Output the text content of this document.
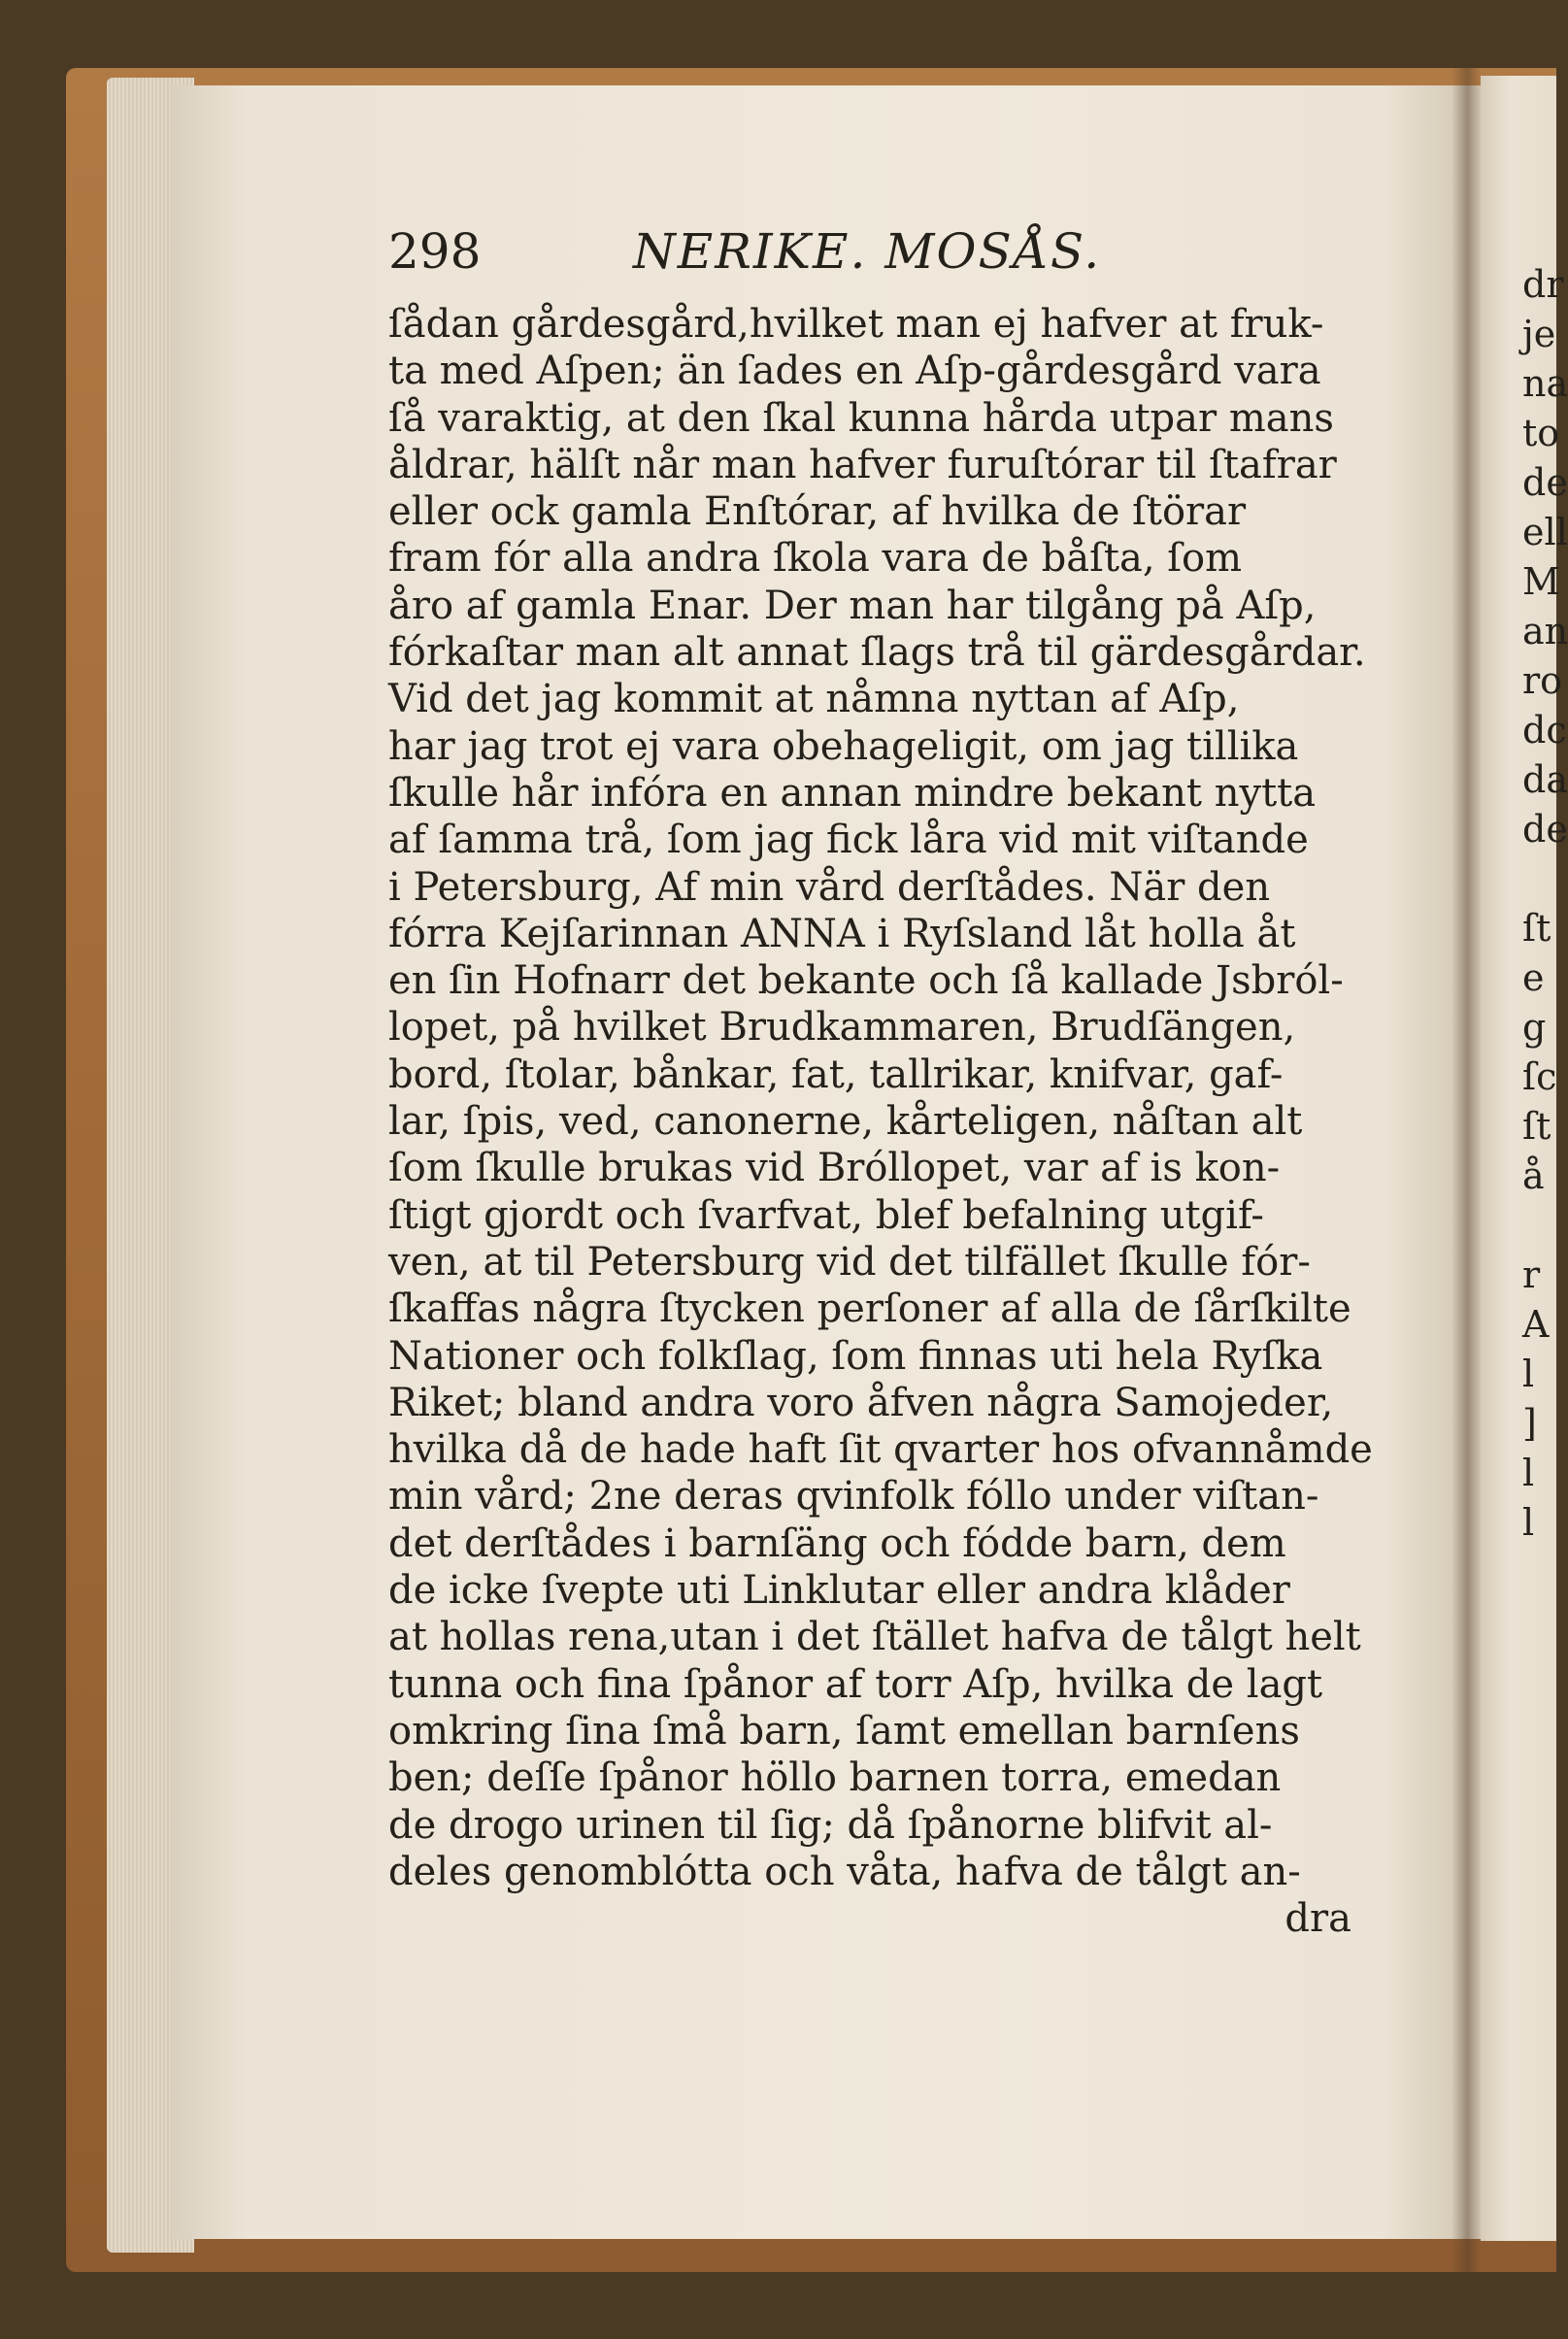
298	NERIKE. MOSÅS.
ſådan gårdesgård,hvilket man ej hafver at fruk-
ta med Aſpen; än ſades en Aſp-gårdesgård vara
ſå varaktig, at den ſkal kunna hårda utpar mans
åldrar, hälſt når man hafver furuſtórar til ſtafrar
eller ock gamla Enſtórar, af hvilka de ſtörar
fram fór alla andra ſkola vara de båſta, ſom
åro af gamla Enar. Der man har tilgång på Aſp,
fórkaſtar man alt annat ſlags trå til gärdesgårdar.
Vid det jag kommit at nåmna nyttan af Aſp,
har jag trot ej vara obehageligit, om jag tillika
ſkulle hår infóra en annan mindre bekant nytta
af ſamma trå, ſom jag fick låra vid mit viſtande
i Petersburg, Af min vård derſtådes. När den
fórra Kejſarinnan ANNA i Ryſsland låt holla åt
en ſin Hofnarr det bekante och ſå kallade Jsbról-
lopet, på hvilket Brudkammaren, Brudſängen,
bord, ſtolar, bånkar, fat, tallrikar, knifvar, gaf-
lar, ſpis, ved, canonerne, kårteligen, nåſtan alt
ſom ſkulle brukas vid Bróllopet, var af is kon-
ſtigt gjordt och ſvarfvat, blef befalning utgif-
ven, at til Petersburg vid det tilfället ſkulle fór-
ſkaffas några ſtycken perſoner af alla de ſårſkilte
Nationer och folkſlag, ſom finnas uti hela Ryſka
Riket; bland andra voro åfven några Samojeder,
hvilka då de hade haft ſit qvarter hos ofvannåmde
min vård; 2ne deras qvinfolk fóllo under viſtan-
det derſtådes i barnſäng och fódde barn, dem
de icke ſvepte uti Linklutar eller andra klåder
at hollas rena,utan i det ſtället hafva de tålgt helt
tunna och fina ſpånor af torr Aſp, hvilka de lagt
omkring ſina ſmå barn, ſamt emellan barnſens
ben; deſſe ſpånor höllo barnen torra, emedan
de drogo urinen til ſig; då ſpånorne blifvit al-
deles genomblótta och våta, hafva de tålgt an-
dra
dr
je
na
to
de
ell
M
an
ro
dc
da
de
ſt
e
g
ſc
ſt
å
r
A
l
]
l
l
